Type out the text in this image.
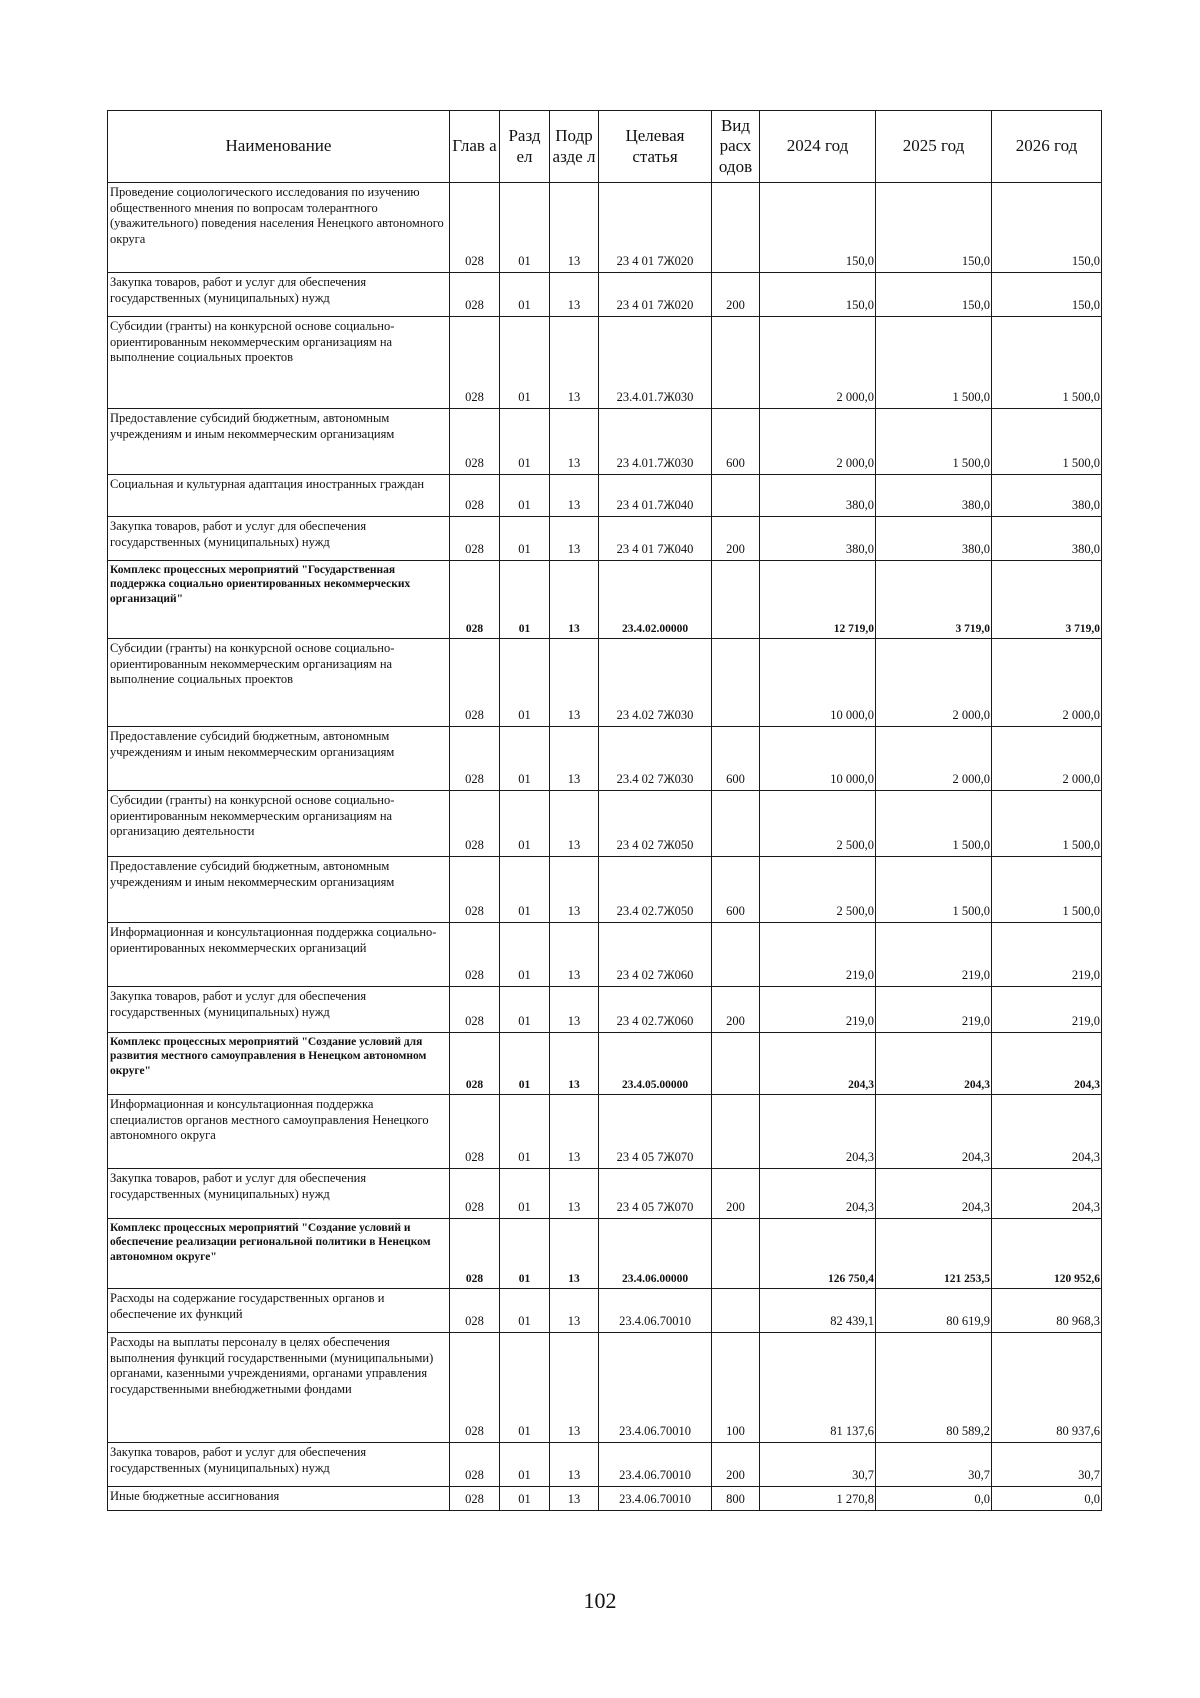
Наименование	Глав а	Разд ел	Подр азде л	Целевая статья	Вид расх одов	2024 год	2025 год	2026 год
Проведение социологического исследования по изучению общественного мнения по вопросам толерантного (уважительного) поведения населения Ненецкого автономного округа	028	01	13	23 4 01 7Ж020		150,0	150,0	150,0
Закупка товаров, работ и услуг для обеспечения государственных (муниципальных) нужд	028	01	13	23 4 01 7Ж020	200	150,0	150,0	150,0
Субсидии (гранты) на конкурсной основе социально-ориентированным некоммерческим организациям на выполнение социальных проектов	028	01	13	23.4.01.7Ж030		2 000,0	1 500,0	1 500,0
Предоставление субсидий бюджетным, автономным учреждениям и иным некоммерческим организациям	028	01	13	23 4.01.7Ж030	600	2 000,0	1 500,0	1 500,0
Социальная и культурная адаптация иностранных граждан	028	01	13	23 4 01.7Ж040		380,0	380,0	380,0
Закупка товаров, работ и услуг для обеспечения государственных (муниципальных) нужд	028	01	13	23 4 01 7Ж040	200	380,0	380,0	380,0
Комплекс процессных мероприятий "Государственная поддержка социально ориентированных некоммерческих организаций"	028	01	13	23.4.02.00000		12 719,0	3 719,0	3 719,0
Субсидии (гранты) на конкурсной основе социально-ориентированным некоммерческим организациям на выполнение социальных проектов	028	01	13	23 4.02 7Ж030		10 000,0	2 000,0	2 000,0
Предоставление субсидий бюджетным, автономным учреждениям и иным некоммерческим организациям	028	01	13	23.4 02 7Ж030	600	10 000,0	2 000,0	2 000,0
Субсидии (гранты) на конкурсной основе социально-ориентированным некоммерческим организациям на организацию деятельности	028	01	13	23 4 02 7Ж050		2 500,0	1 500,0	1 500,0
Предоставление субсидий бюджетным, автономным учреждениям и иным некоммерческим организациям	028	01	13	23.4 02.7Ж050	600	2 500,0	1 500,0	1 500,0
Информационная и консультационная поддержка социально-ориентированных некоммерческих организаций	028	01	13	23 4 02 7Ж060		219,0	219,0	219,0
Закупка товаров, работ и услуг для обеспечения государственных (муниципальных) нужд	028	01	13	23 4 02.7Ж060	200	219,0	219,0	219,0
Комплекс процессных мероприятий "Создание условий для развития местного самоуправления в Ненецком автономном округе"	028	01	13	23.4.05.00000		204,3	204,3	204,3
Информационная и консультационная поддержка специалистов органов местного самоуправления Ненецкого автономного округа	028	01	13	23 4 05 7Ж070		204,3	204,3	204,3
Закупка товаров, работ и услуг для обеспечения государственных (муниципальных) нужд	028	01	13	23 4 05 7Ж070	200	204,3	204,3	204,3
Комплекс процессных мероприятий "Создание условий и обеспечение реализации региональной политики в Ненецком автономном округе"	028	01	13	23.4.06.00000		126 750,4	121 253,5	120 952,6
Расходы на содержание государственных органов и обеспечение их функций	028	01	13	23.4.06.70010		82 439,1	80 619,9	80 968,3
Расходы на выплаты персоналу в целях обеспечения выполнения функций государственными (муниципальными) органами, казенными учреждениями, органами управления государственными внебюджетными фондами	028	01	13	23.4.06.70010	100	81 137,6	80 589,2	80 937,6
Закупка товаров, работ и услуг для обеспечения государственных (муниципальных) нужд	028	01	13	23.4.06.70010	200	30,7	30,7	30,7
Иные бюджетные ассигнования	028	01	13	23.4.06.70010	800	1 270,8	0,0	0,0
102
